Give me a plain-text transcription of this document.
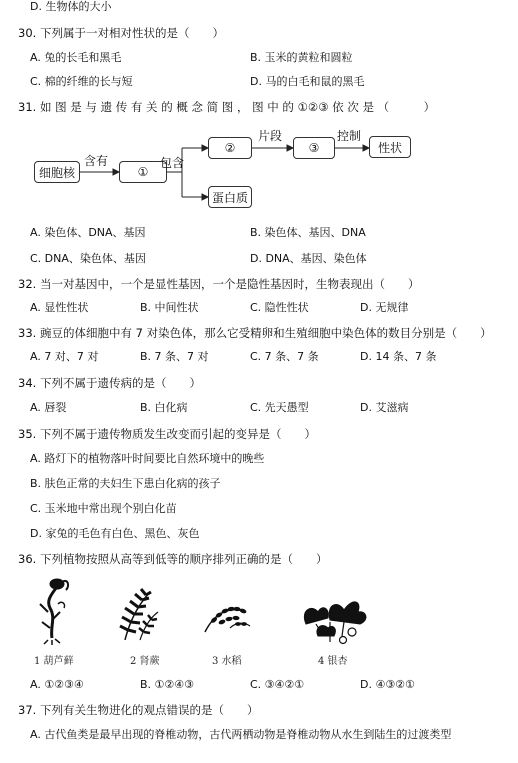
D. 生物体的大小
30. 下列属于一对相对性状的是（　　）
A. 兔的长毛和黑毛	B. 玉米的黄粒和圆粒
C. 棉的纤维的长与短	D. 马的白毛和鼠的黑毛
31. 如 图 是 与 遗 传 有 关 的 概 念 简 图 ， 图 中 的 ①②③ 依 次 是 （　　　）
细胞核
含有
①
包含
②
片段
③
控制
性状
蛋白质
A. 染色体、DNA、基因	B. 染色体、基因、DNA
C. DNA、染色体、基因	D. DNA、基因、染色体
32. 当一对基因中，一个是显性基因，一个是隐性基因时，生物表现出（　　）
A. 显性性状	B. 中间性状	C. 隐性性状	D. 无规律
33. 豌豆的体细胞中有 7 对染色体，那么它受精卵和生殖细胞中染色体的数目分别是（　　）
A. 7 对、7 对	B. 7 条、7 对	C. 7 条、7 条	D. 14 条、7 条
34. 下列不属于遗传病的是（　　）
A. 唇裂	B. 白化病	C. 先天愚型	D. 艾滋病
35. 下列不属于遗传物质发生改变而引起的变异是（　　）
A. 路灯下的植物落叶时间要比自然环境中的晚些
B. 肤色正常的夫妇生下患白化病的孩子
C. 玉米地中常出现个别白化苗
D. 家兔的毛色有白色、黑色、灰色
36. 下列植物按照从高等到低等的顺序排列正确的是（　　）
1 葫芦藓	2 肾蕨	3 水稻	4 银杏
A. ①②③④	B. ①②④③	C. ③④②①	D. ④③②①
37. 下列有关生物进化的观点错误的是（　　）
A. 古代鱼类是最早出现的脊椎动物，古代两栖动物是脊椎动物从水生到陆生的过渡类型
